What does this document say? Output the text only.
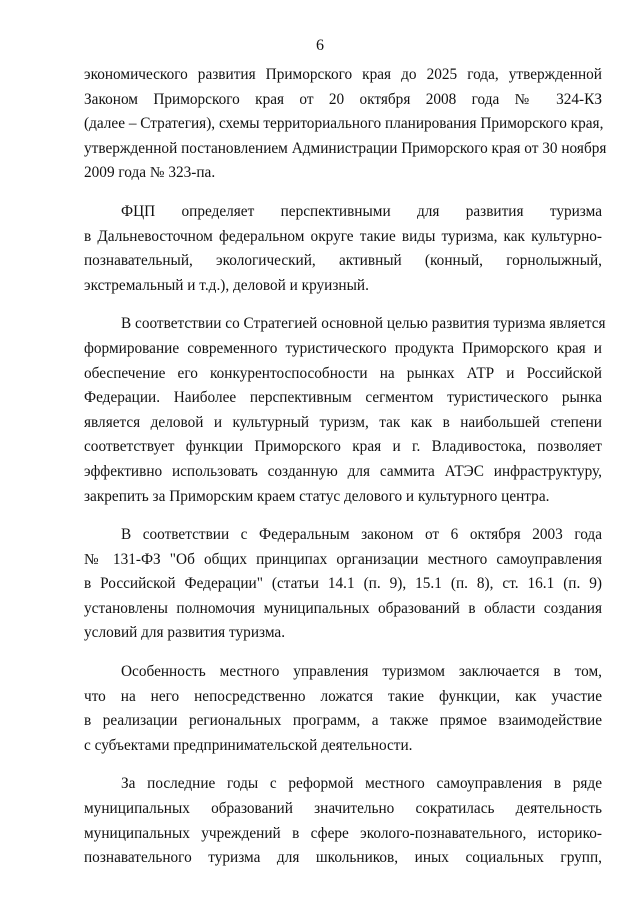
6
экономического развития Приморского края до 2025 года, утвержденной
Законом Приморского края от 20 октября 2008 года № 324-КЗ
(далее – Стратегия), схемы территориального планирования Приморского края,
утвержденной постановлением Администрации Приморского края от 30 ноября
2009 года № 323-па.
ФЦП определяет перспективными для развития туризма
в Дальневосточном федеральном округе такие виды туризма, как культурно-
познавательный, экологический, активный (конный, горнолыжный,
экстремальный и т.д.), деловой и круизный.
В соответствии со Стратегией основной целью развития туризма является
формирование современного туристического продукта Приморского края и
обеспечение его конкурентоспособности на рынках АТР и Российской
Федерации. Наиболее перспективным сегментом туристического рынка
является деловой и культурный туризм, так как в наибольшей степени
соответствует функции Приморского края и г. Владивостока, позволяет
эффективно использовать созданную для саммита АТЭС инфраструктуру,
закрепить за Приморским краем статус делового и культурного центра.
В соответствии с Федеральным законом от 6 октября 2003 года
№ 131-ФЗ "Об общих принципах организации местного самоуправления
в Российской Федерации" (статьи 14.1 (п. 9), 15.1 (п. 8), ст. 16.1 (п. 9)
установлены полномочия муниципальных образований в области создания
условий для развития туризма.
Особенность местного управления туризмом заключается в том,
что на него непосредственно ложатся такие функции, как участие
в реализации региональных программ, а также прямое взаимодействие
с субъектами предпринимательской деятельности.
За последние годы с реформой местного самоуправления в ряде
муниципальных образований значительно сократилась деятельность
муниципальных учреждений в сфере эколого-познавательного, историко-
познавательного туризма для школьников, иных социальных групп,
